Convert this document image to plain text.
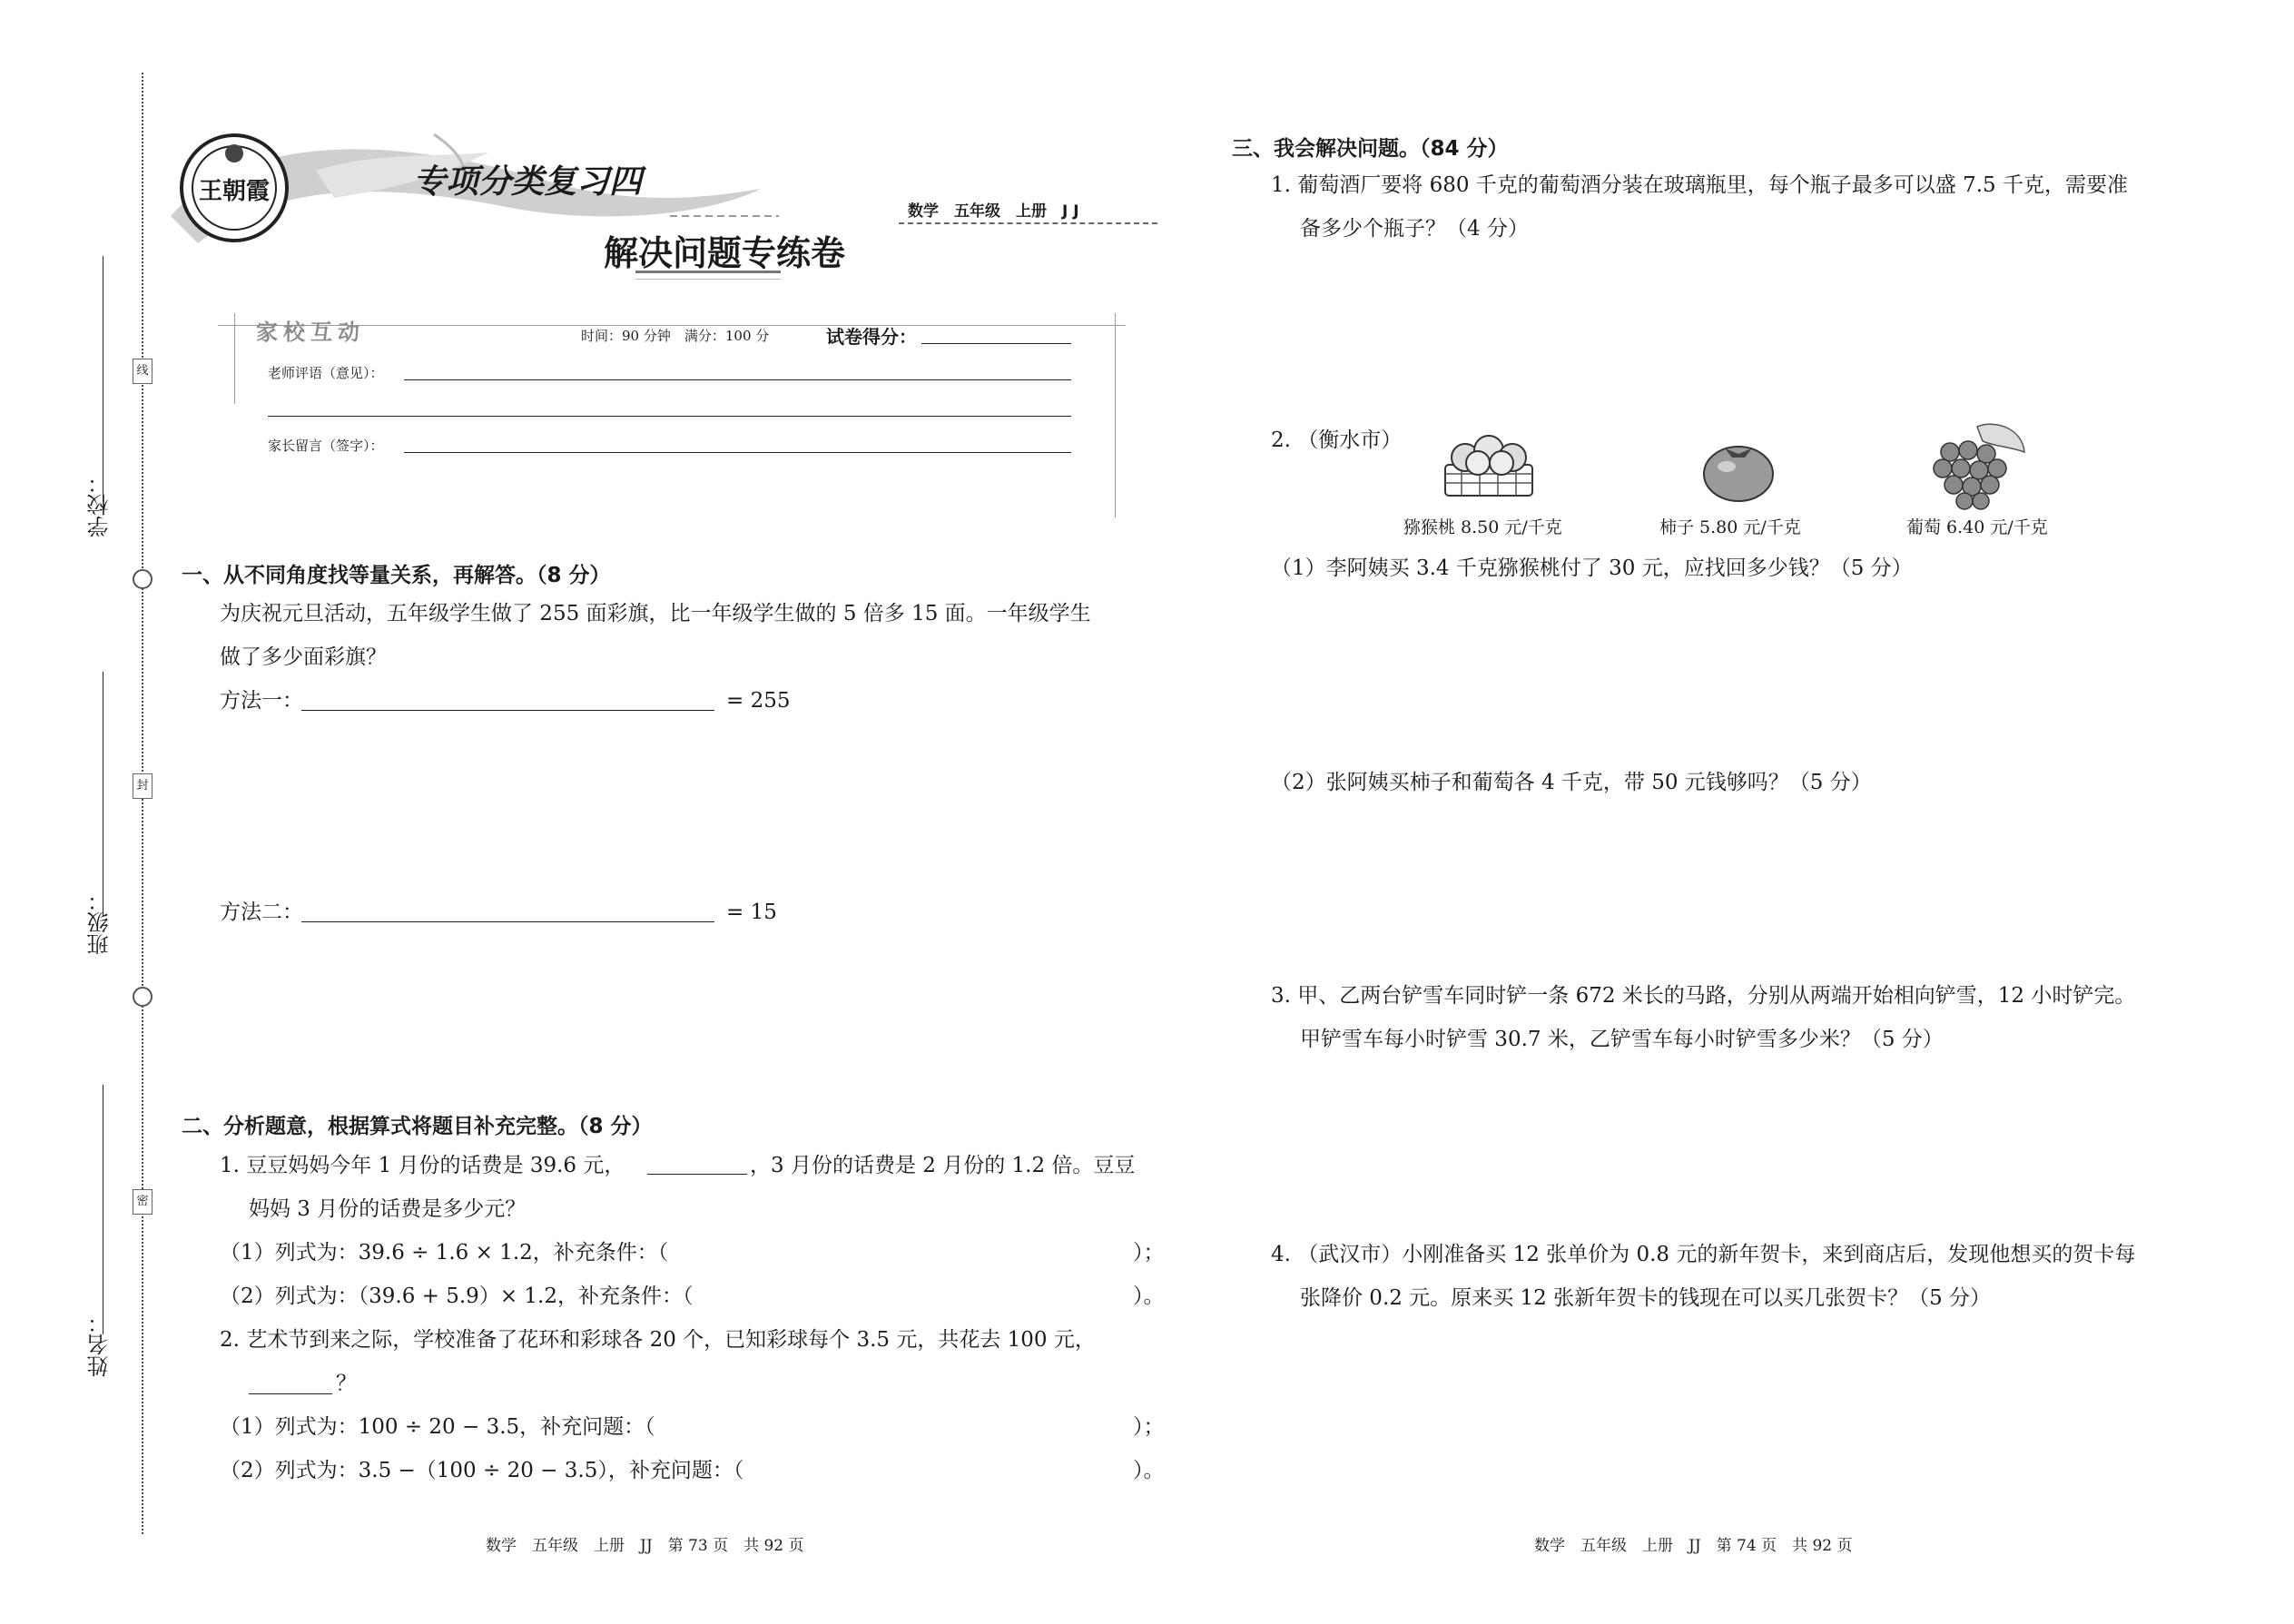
线
封
密
学校：
班级：
姓名：
王朝霞	专项分类复习四
数学　五年级　上册　J J
解决问题专练卷
家校互动	时间：90 分钟　满分：100 分	试卷得分：
老师评语（意见）：
家长留言（签字）：
一、从不同角度找等量关系，再解答。（8 分）
为庆祝元旦活动，五年级学生做了 255 面彩旗，比一年级学生做的 5 倍多 15 面。一年级学生
做了多少面彩旗？
方法一：	= 255
方法二：	= 15
二、分析题意，根据算式将题目补充完整。（8 分）
1. 豆豆妈妈今年 1 月份的话费是 39.6 元，	，3 月份的话费是 2 月份的 1.2 倍。豆豆
妈妈 3 月份的话费是多少元？
（1）列式为：39.6 ÷ 1.6 × 1.2，补充条件：（	）；
（2）列式为：（39.6 + 5.9）× 1.2，补充条件：（	）。
2. 艺术节到来之际，学校准备了花环和彩球各 20 个，已知彩球每个 3.5 元，共花去 100 元，
？
（1）列式为：100 ÷ 20 − 3.5，补充问题：（	）；
（2）列式为：3.5 −（100 ÷ 20 − 3.5），补充问题：（	）。
数学　五年级　上册　JJ　第 73 页　共 92 页
三、我会解决问题。（84 分）
1. 葡萄酒厂要将 680 千克的葡萄酒分装在玻璃瓶里，每个瓶子最多可以盛 7.5 千克，需要准
备多少个瓶子？（4 分）
2. （衡水市）
猕猴桃 8.50 元/千克	柿子 5.80 元/千克	葡萄 6.40 元/千克
（1）李阿姨买 3.4 千克猕猴桃付了 30 元，应找回多少钱？（5 分）
（2）张阿姨买柿子和葡萄各 4 千克，带 50 元钱够吗？（5 分）
3. 甲、乙两台铲雪车同时铲一条 672 米长的马路，分别从两端开始相向铲雪，12 小时铲完。
甲铲雪车每小时铲雪 30.7 米，乙铲雪车每小时铲雪多少米？（5 分）
4. （武汉市）小刚准备买 12 张单价为 0.8 元的新年贺卡，来到商店后，发现他想买的贺卡每
张降价 0.2 元。原来买 12 张新年贺卡的钱现在可以买几张贺卡？（5 分）
数学　五年级　上册　JJ　第 74 页　共 92 页
